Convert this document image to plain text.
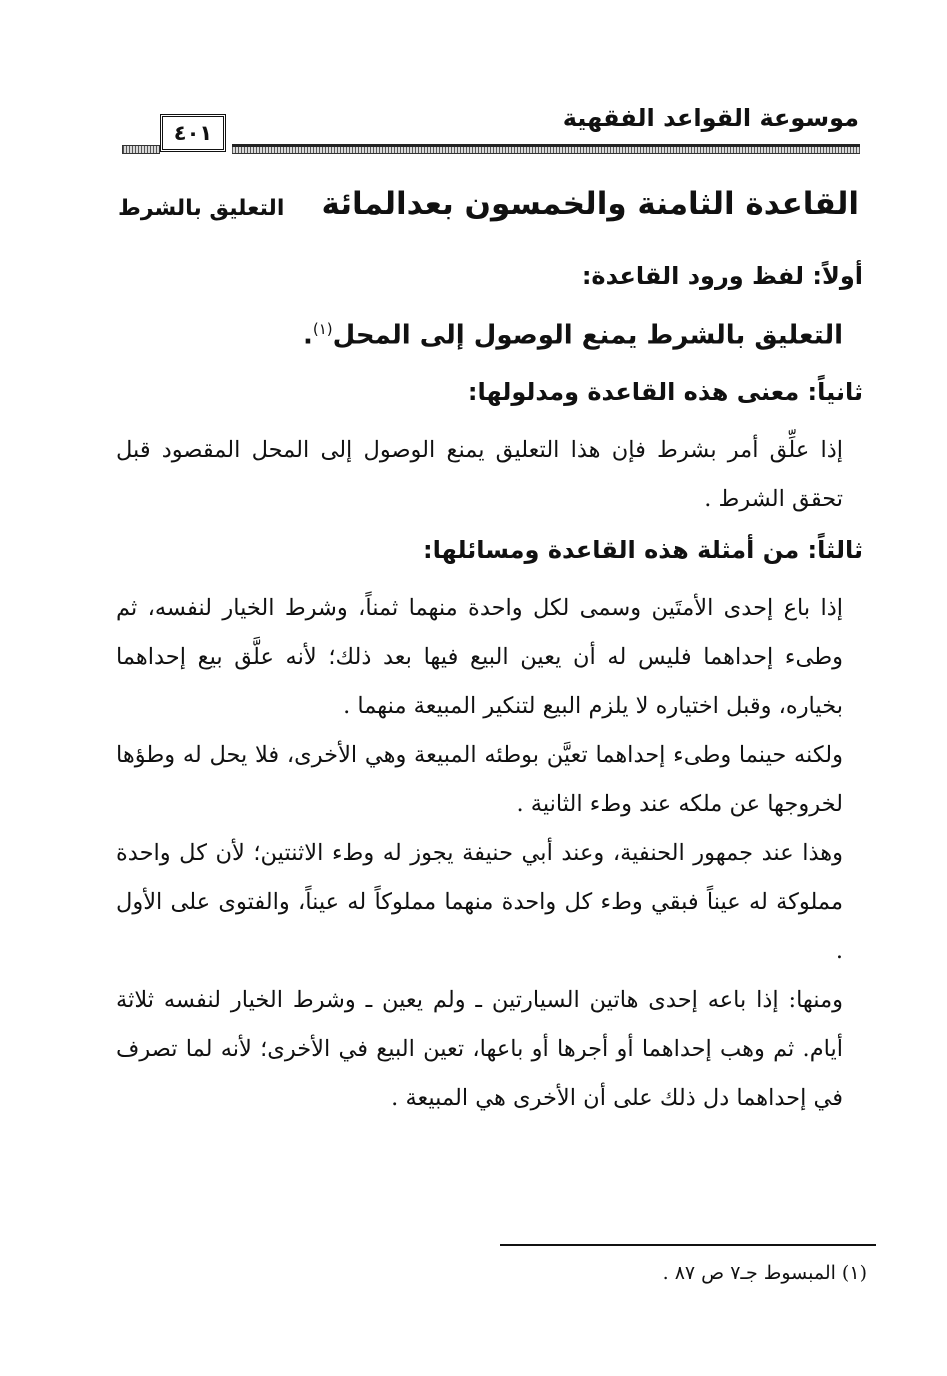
موسوعة القواعد الفقهية
٤٠١
القاعدة الثامنة والخمسون بعدالمائة
التعليق بالشرط
أولاً: لفظ ورود القاعدة:
التعليق بالشرط يمنع الوصول إلى المحل$^{(١)}$.
ثانياً: معنى هذه القاعدة ومدلولها:

إذا علِّق أمر بشرط فإن هذا التعليق يمنع الوصول إلى المحل المقصود قبل تحقق الشرط .

ثالثاً: من أمثلة هذه القاعدة ومسائلها:

إذا باع إحدى الأمتَين وسمى لكل واحدة منهما ثمناً، وشرط الخيار لنفسه، ثم وطىء إحداهما فليس له أن يعين البيع فيها بعد ذلك؛ لأنه علَّق بيع إحداهما بخياره، وقبل اختياره لا يلزم البيع لتنكير المبيعة منهما .

ولكنه حينما وطىء إحداهما تعيَّن بوطئه المبيعة وهي الأخرى، فلا يحل له وطؤها لخروجها عن ملكه عند وطء الثانية .

وهذا عند جمهور الحنفية، وعند أبي حنيفة يجوز له وطء الاثنتين؛ لأن كل واحدة مملوكة له عيناً فبقي وطء كل واحدة منهما مملوكاً له عيناً، والفتوى على الأول .

ومنها: إذا باعه إحدى هاتين السيارتين ـ ولم يعين ـ وشرط الخيار لنفسه ثلاثة أيام. ثم وهب إحداهما أو أجرها أو باعها، تعين البيع في الأخرى؛ لأنه لما تصرف في إحداهما دل ذلك على أن الأخرى هي المبيعة .

(١) المبسوط جـ٧ ص ٨٧ .
